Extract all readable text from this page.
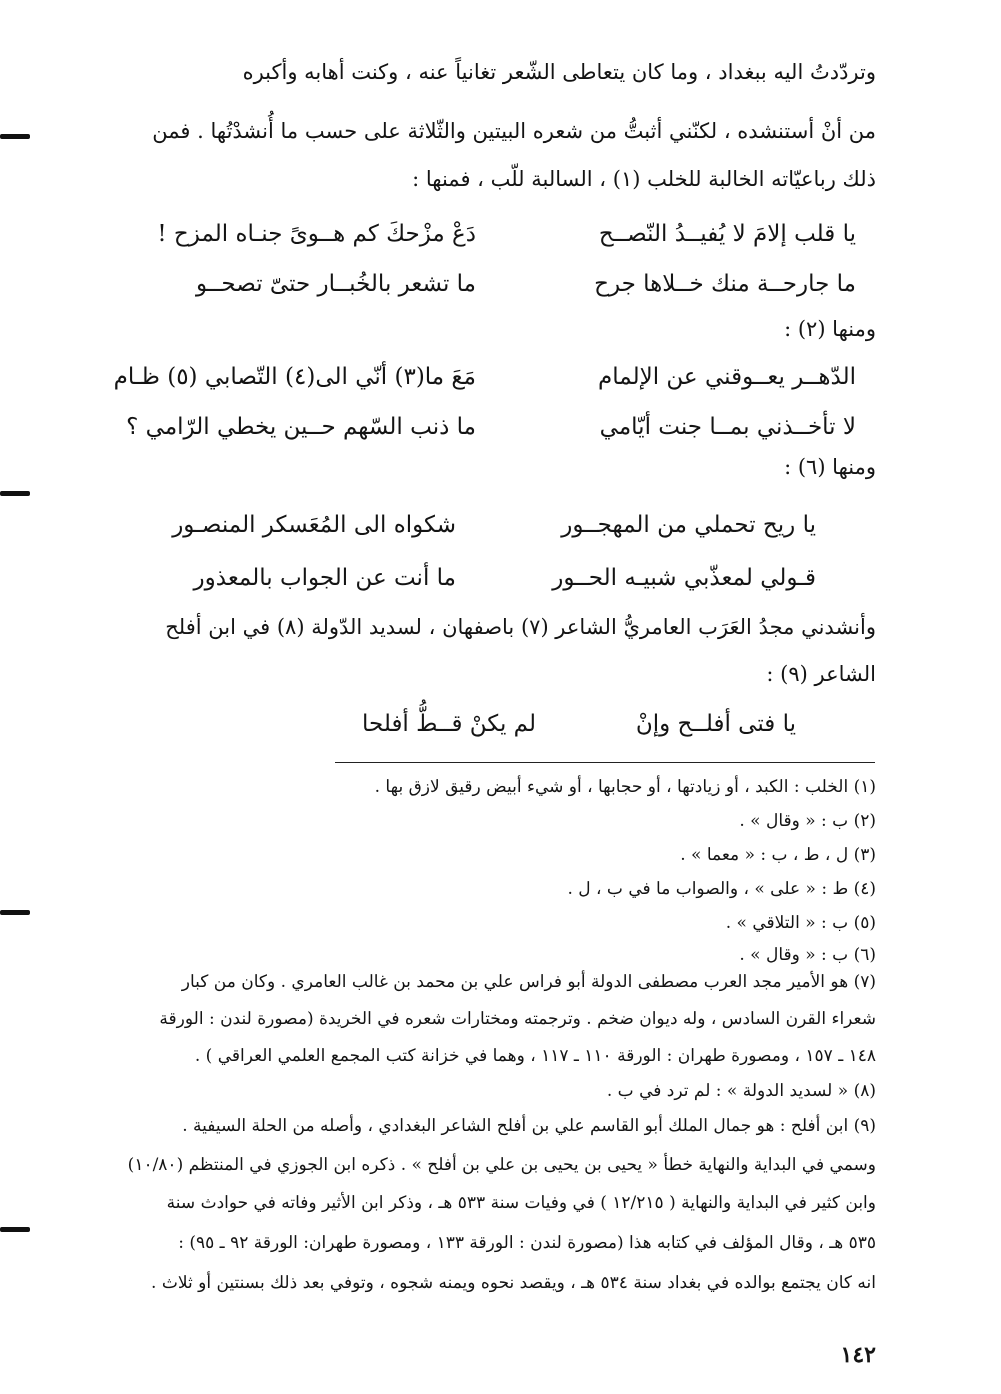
وتردّدتُ اليه ببغداد ، وما كان يتعاطى الشّعر تغانياً عنه ، وكنت أهابه وأكبره
من أنْ أستنشده ، لكنّني أثبتُّ من شعره البيتين والثّلاثة على حسب ما أُنشدْتُها . فمن
ذلك رباعيّاته الخالبة للخلب (١) ، السالبة للّب ، فمنها :
يا قلب إلامَ لا يُفيــدُ النّصــح
دَعْ مزْحكَ كم هــوىً جنـاه المزح !
ما جارحــة منك خــلاها جرح
ما تشعر بالخُبــار حتىّ تصحــو
ومنها (٢) :
الدّهــر يعــوقني عن الإلمام
مَعَ ما(٣) أنّي الى(٤) التّصابي (٥) ظـام
لا تأخــذني بمــا جنت أيّامي
ما ذنب السّهم حــين يخطي الرّامي ؟
ومنها (٦) :
يا ريح تحملي من المهجــور
شكواه الى المُعَسكر المنصـور
قـولي لمعذّبي شبيـه الحــور
ما أنت عن الجواب بالمعذور
وأنشدني مجدُ العَرَب العامريُّ الشاعر (٧) باصفهان ، لسديد الدّولة (٨) في ابن أفلح
الشاعر (٩) :
يا فتى أفلــح وإنْ
لم يكنْ قــطُّ أفلحا
(١) الخلب : الكبد ، أو زيادتها ، أو حجابها ، أو شيء أبيض رقيق لازق بها .
(٢) ب : « وقال » .
(٣) ل ، ط ، ب : « معما » .
(٤) ط : « على » ، والصواب ما في ب ، ل .
(٥) ب : « التلاقي » .
(٦) ب : « وقال » .
(٧) هو الأمير مجد العرب مصطفى الدولة أبو فراس علي بن محمد بن غالب العامري . وكان من كبار
شعراء القرن السادس ، وله ديوان ضخم . وترجمته ومختارات شعره في الخريدة (مصورة لندن : الورقة
١٤٨ ـ ١٥٧ ، ومصورة طهران : الورقة ١١٠ ـ ١١٧ ، وهما في خزانة كتب المجمع العلمي العراقي ) .
(٨) « لسديد الدولة » : لم ترد في ب .
(٩) ابن أفلح : هو جمال الملك أبو القاسم علي بن أفلح الشاعر البغدادي ، وأصله من الحلة السيفية .
وسمي في البداية والنهاية خطأ « يحيى بن يحيى بن علي بن أفلح » . ذكره ابن الجوزي في المنتظم (١٠/٨٠)
وابن كثير في البداية والنهاية ( ١٢/٢١٥ ) في وفيات سنة ٥٣٣ هـ ، وذكر ابن الأثير وفاته في حوادث سنة
٥٣٥ هـ ، وقال المؤلف في كتابه هذا (مصورة لندن : الورقة ١٣٣ ، ومصورة طهران: الورقة ٩٢ ـ ٩٥) :
انه كان يجتمع بوالده في بغداد سنة ٥٣٤ هـ ، ويقصد نحوه ويمنه شجوه ، وتوفي بعد ذلك بسنتين أو ثلاث .
١٤٢
